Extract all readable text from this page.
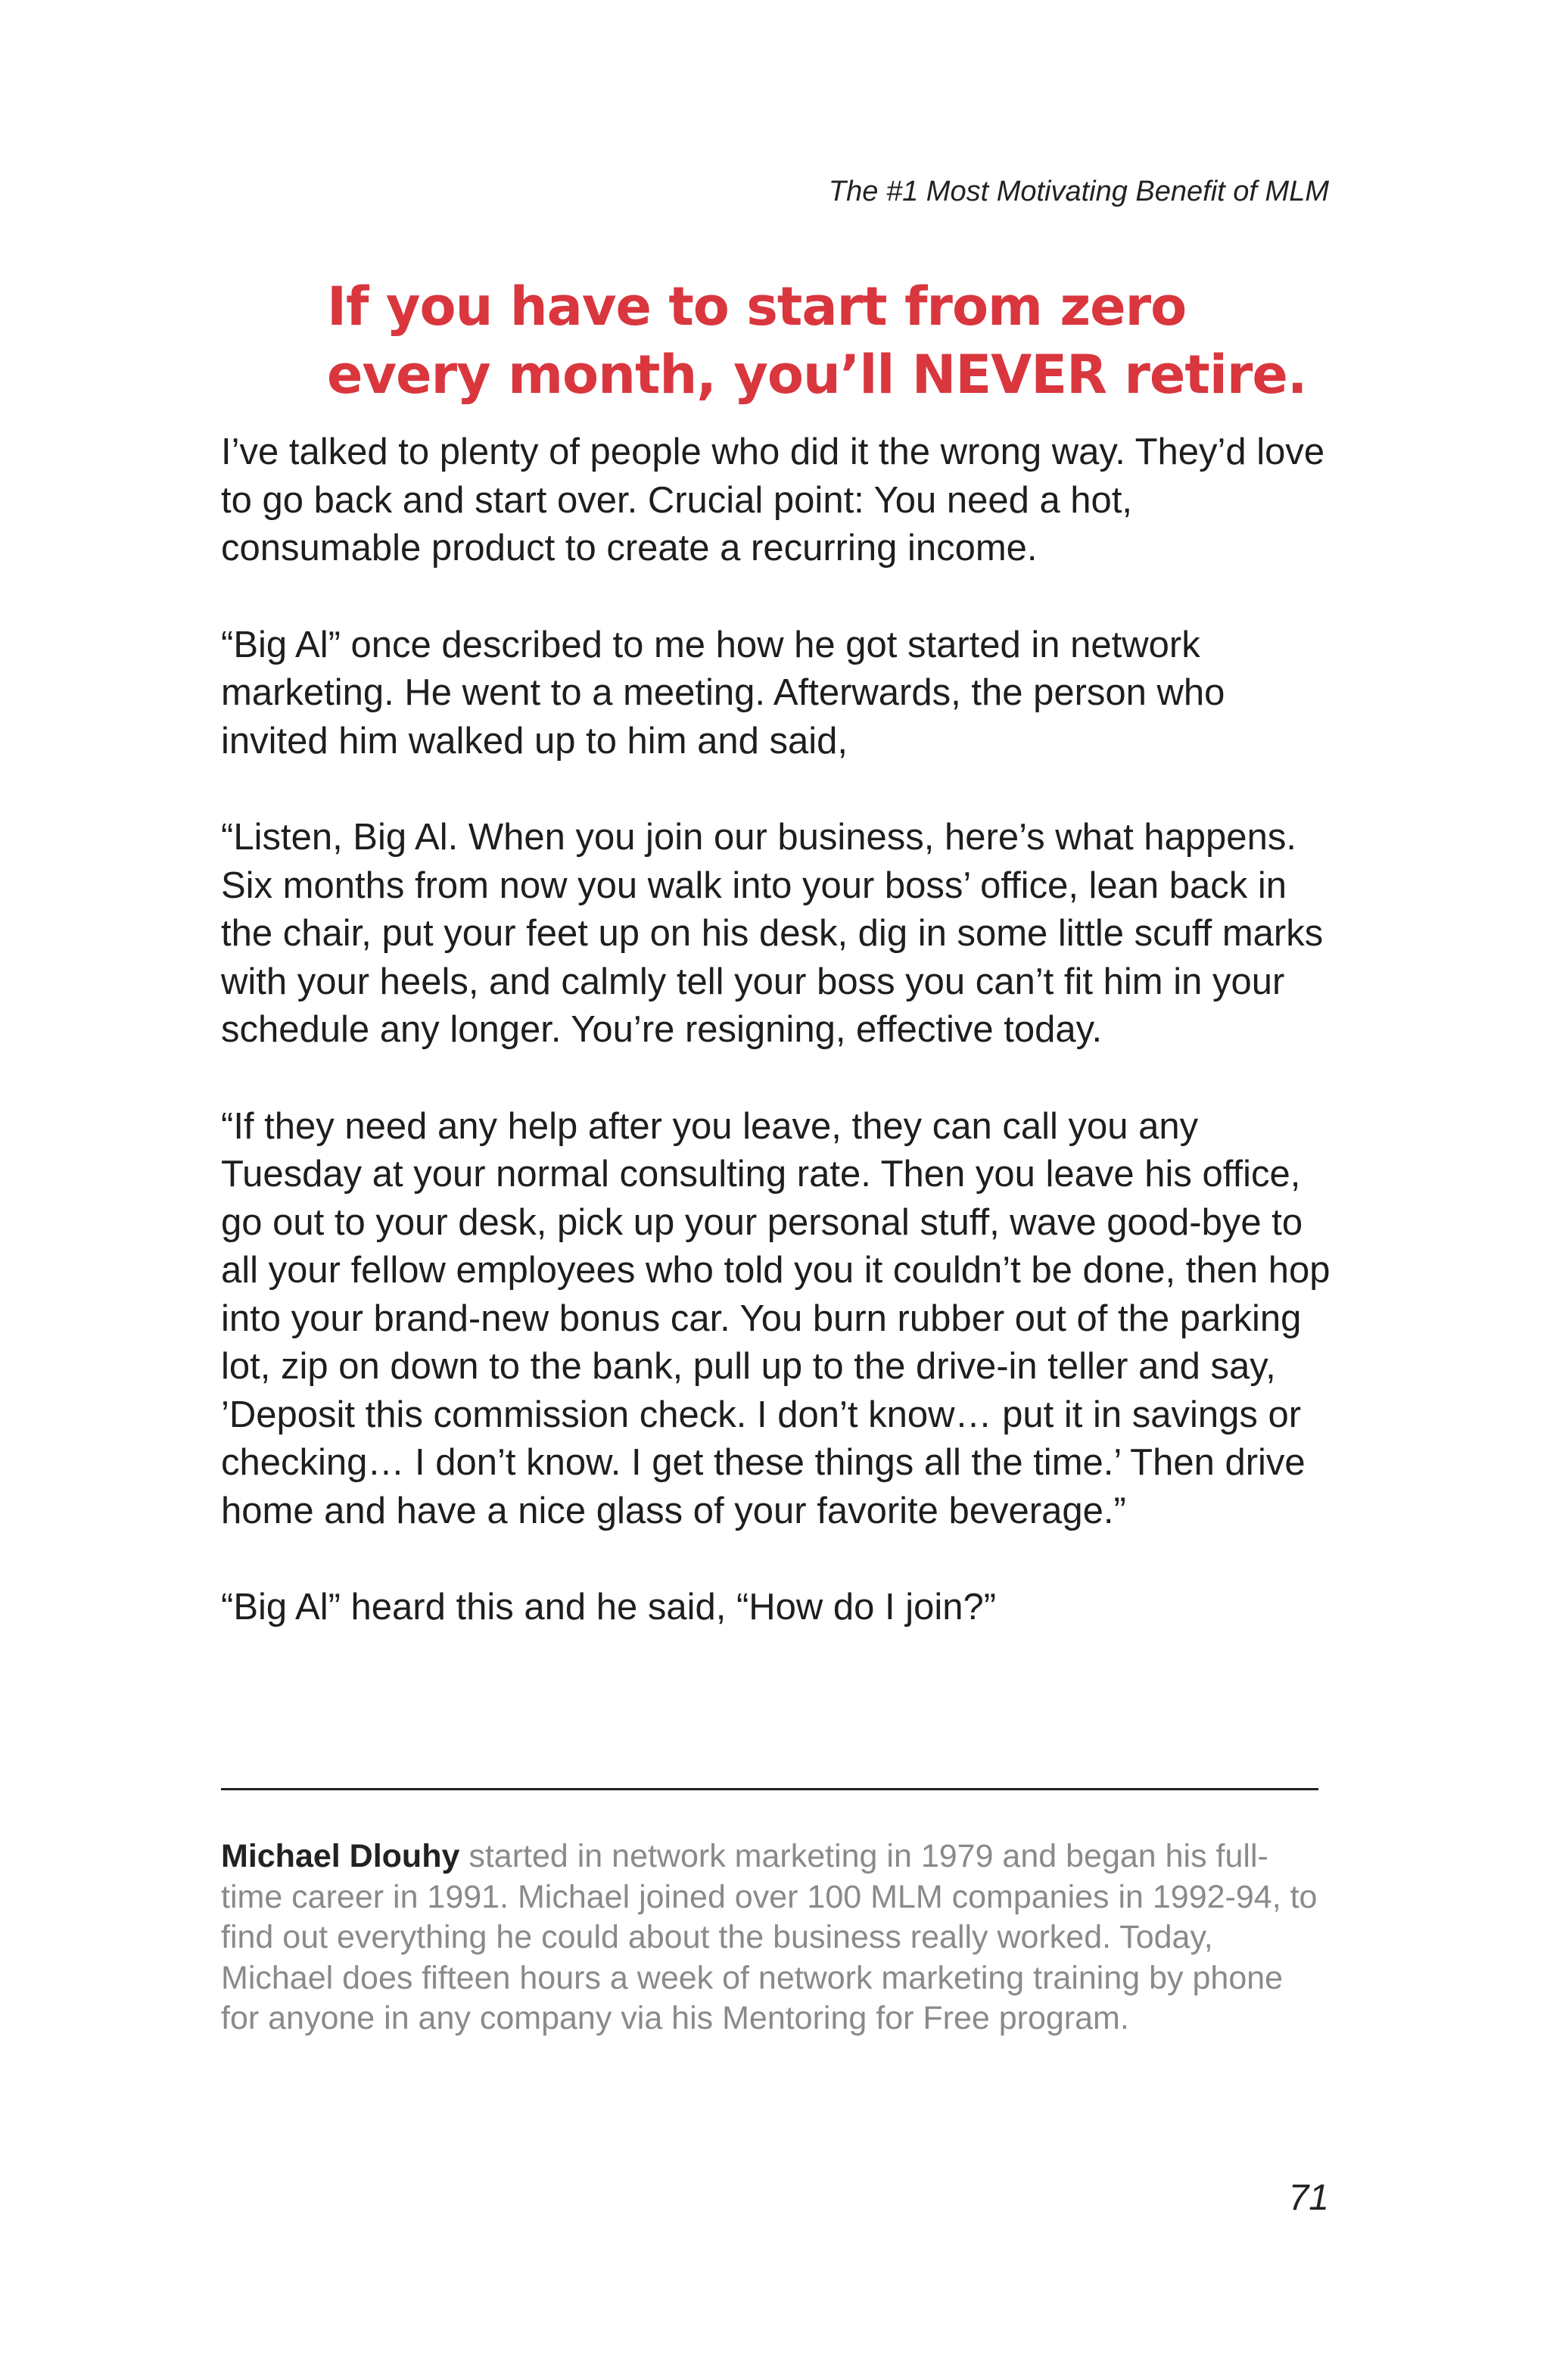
The #1 Most Motivating Benefit of MLM

If you have to start from zero every month, you’ll NEVER retire.

I’ve talked to plenty of people who did it the wrong way. They’d love to go back and start over. Crucial point: You need a hot, consumable product to create a recurring income.

“Big Al” once described to me how he got started in network marketing. He went to a meeting. Afterwards, the person who invited him walked up to him and said,

“Listen, Big Al. When you join our business, here’s what happens. Six months from now you walk into your boss’ office, lean back in the chair, put your feet up on his desk, dig in some little scuff marks with your heels, and calmly tell your boss you can’t fit him in your schedule any longer. You’re resigning, effective today.

“If they need any help after you leave, they can call you any Tuesday at your normal consulting rate. Then you leave his office, go out to your desk, pick up your personal stuff, wave good-bye to all your fellow employees who told you it couldn’t be done, then hop into your brand-new bonus car. You burn rubber out of the parking lot, zip on down to the bank, pull up to the drive-in teller and say, ’Deposit this commission check. I don’t know… put it in savings or checking… I don’t know. I get these things all the time.’ Then drive home and have a nice glass of your favorite beverage.”

“Big Al” heard this and he said, “How do I join?”

Michael Dlouhy started in network marketing in 1979 and began his full-time career in 1991. Michael joined over 100 MLM companies in 1992-94, to find out everything he could about the business really worked. Today, Michael does fifteen hours a week of network marketing training by phone for anyone in any company via his Mentoring for Free program.

71
